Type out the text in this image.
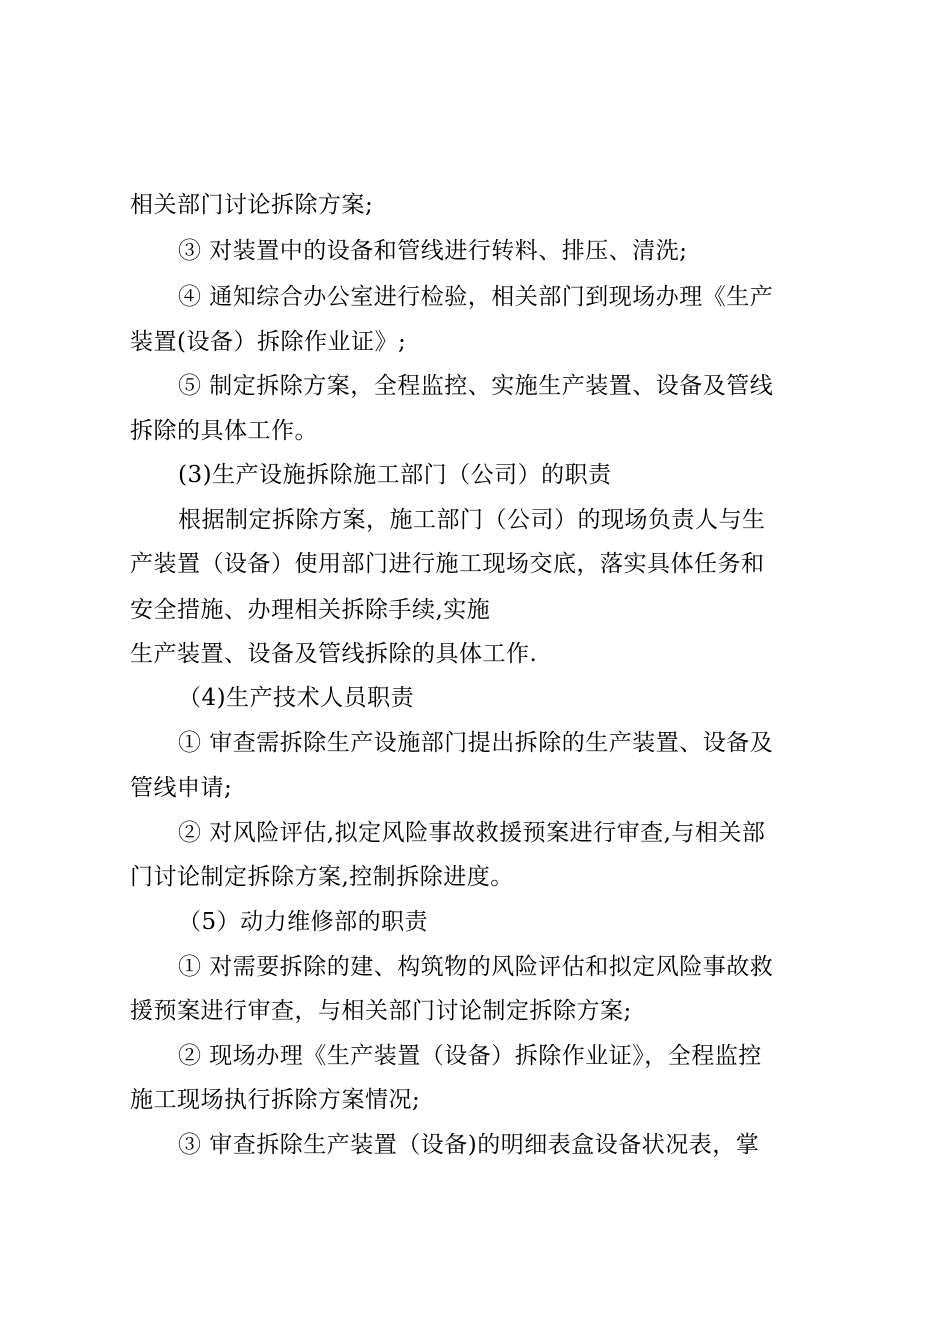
相关部门讨论拆除方案;
③ 对装置中的设备和管线进行转料、排压、清洗;
④ 通知综合办公室进行检验，相关部门到现场办理《生产
装置(设备）拆除作业证》;
⑤ 制定拆除方案，全程监控、实施生产装置、设备及管线
拆除的具体工作。
(3)生产设施拆除施工部门（公司）的职责
根据制定拆除方案，施工部门（公司）的现场负责人与生
产装置（设备）使用部门进行施工现场交底，落实具体任务和
安全措施、办理相关拆除手续,实施
生产装置、设备及管线拆除的具体工作.
（4)生产技术人员职责
① 审查需拆除生产设施部门提出拆除的生产装置、设备及
管线申请;
② 对风险评估,拟定风险事故救援预案进行审查,与相关部
门讨论制定拆除方案,控制拆除进度。
（5）动力维修部的职责
① 对需要拆除的建、构筑物的风险评估和拟定风险事故救
援预案进行审查，与相关部门讨论制定拆除方案;
② 现场办理《生产装置（设备）拆除作业证》，全程监控
施工现场执行拆除方案情况;
③ 审查拆除生产装置（设备)的明细表盒设备状况表，掌
